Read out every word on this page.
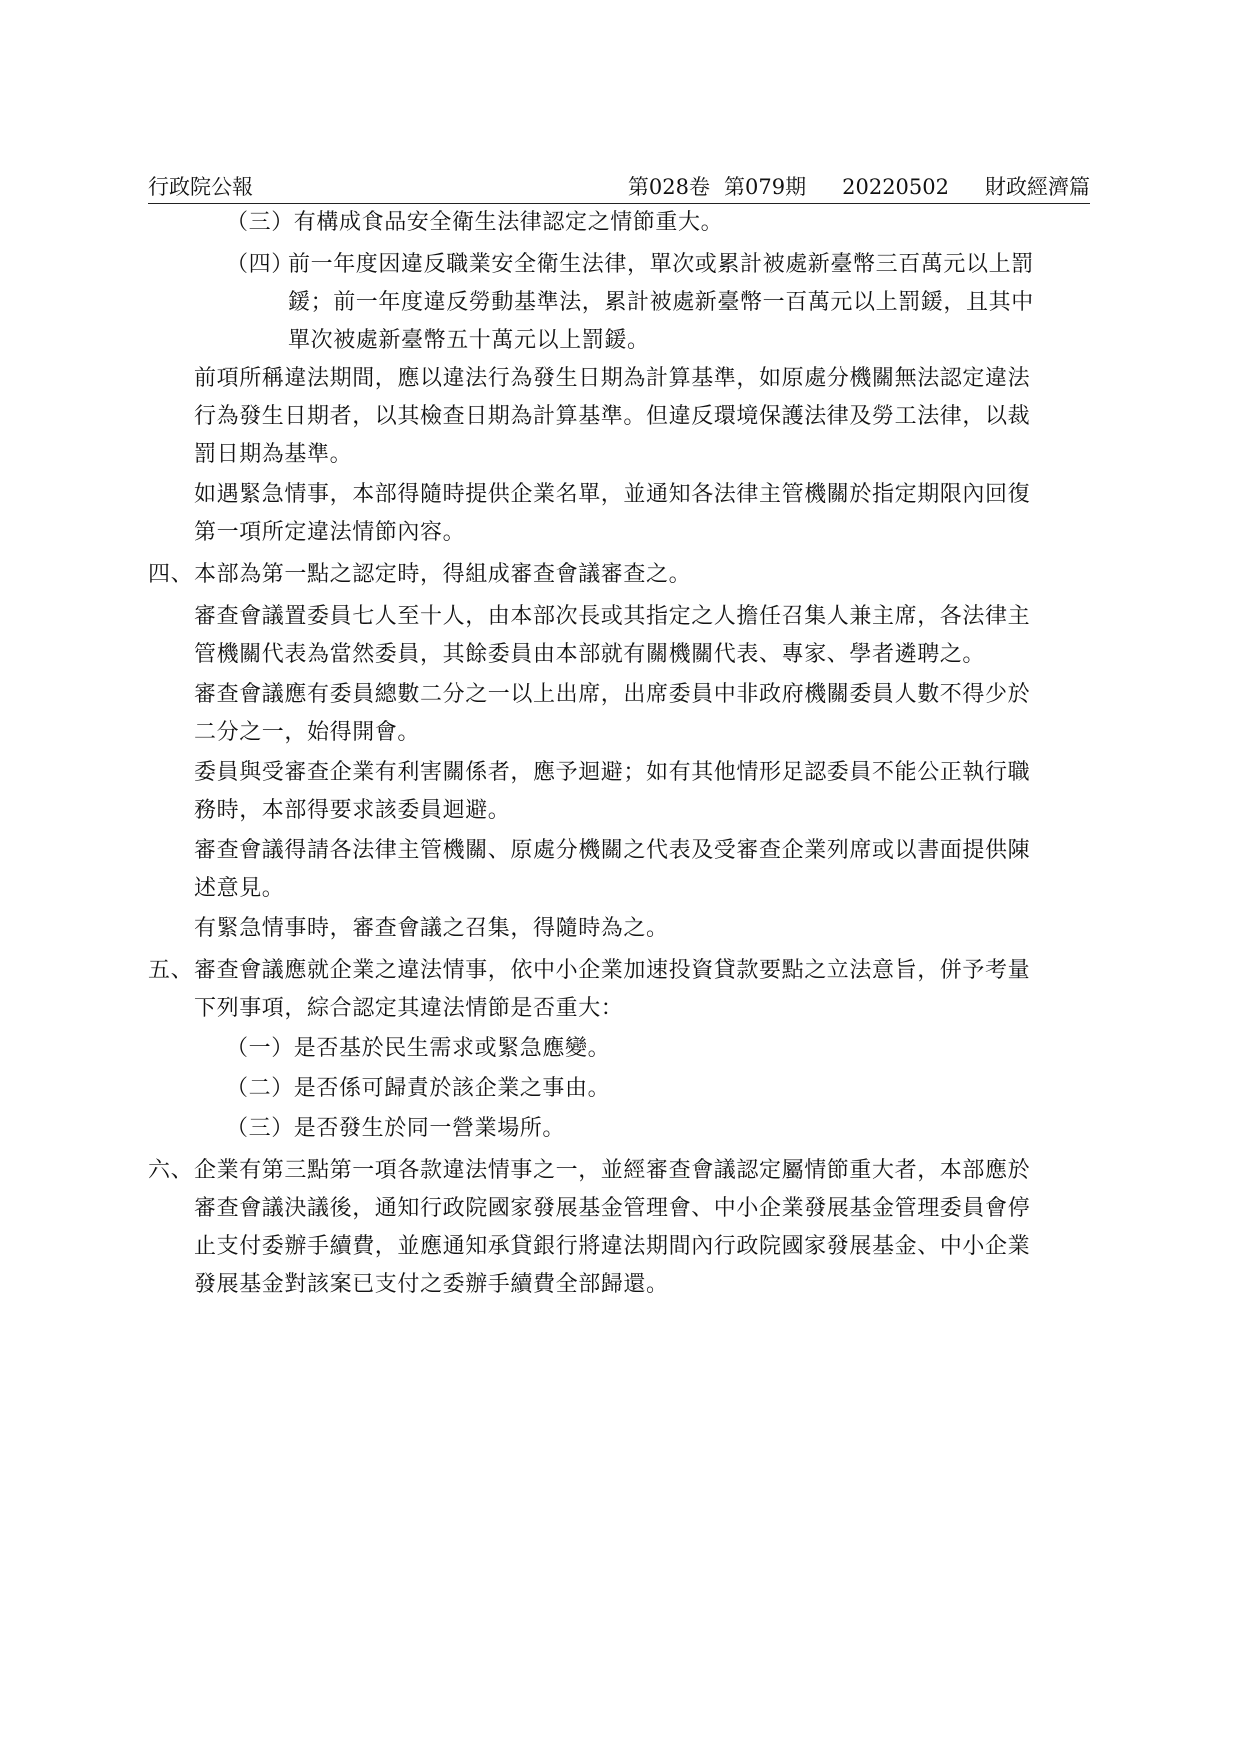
行政院公報	第028卷 第079期 20220502 財政經濟篇

（三）有構成食品安全衛生法律認定之情節重大。

（四）

前一年度因違反職業安全衛生法律，單次或累計被處新臺幣三百萬元以上罰
鍰；前一年度違反勞動基準法，累計被處新臺幣一百萬元以上罰鍰，且其中
單次被處新臺幣五十萬元以上罰鍰。

前項所稱違法期間，應以違法行為發生日期為計算基準，如原處分機關無法認定違法
行為發生日期者，以其檢查日期為計算基準。但違反環境保護法律及勞工法律，以裁
罰日期為基準。

如遇緊急情事，本部得隨時提供企業名單，並通知各法律主管機關於指定期限內回復
第一項所定違法情節內容。

四、 本部為第一點之認定時，得組成審查會議審查之。

審查會議置委員七人至十人，由本部次長或其指定之人擔任召集人兼主席，各法律主
管機關代表為當然委員，其餘委員由本部就有關機關代表、專家、學者遴聘之。

審查會議應有委員總數二分之一以上出席，出席委員中非政府機關委員人數不得少於
二分之一，始得開會。

委員與受審查企業有利害關係者，應予迴避；如有其他情形足認委員不能公正執行職
務時，本部得要求該委員迴避。

審查會議得請各法律主管機關、原處分機關之代表及受審查企業列席或以書面提供陳
述意見。

有緊急情事時，審查會議之召集，得隨時為之。

五、 審查會議應就企業之違法情事，依中小企業加速投資貸款要點之立法意旨，併予考量
下列事項，綜合認定其違法情節是否重大：

（一）是否基於民生需求或緊急應變。

（二）是否係可歸責於該企業之事由。

（三）是否發生於同一營業場所。

六、 企業有第三點第一項各款違法情事之一，並經審查會議認定屬情節重大者，本部應於
審查會議決議後，通知行政院國家發展基金管理會、中小企業發展基金管理委員會停
止支付委辦手續費，並應通知承貸銀行將違法期間內行政院國家發展基金、中小企業
發展基金對該案已支付之委辦手續費全部歸還。
